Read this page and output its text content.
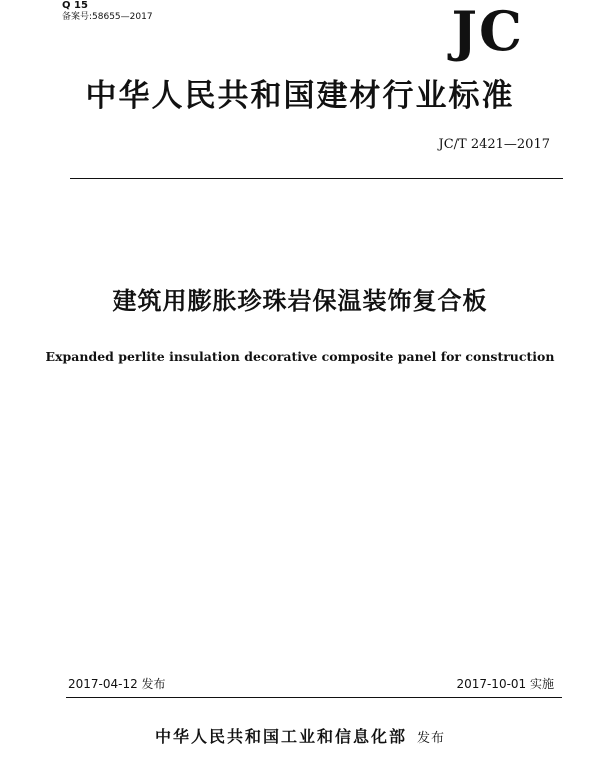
Q 15
备案号:58655—2017	JC
中华人民共和国建材行业标准
JC/T 2421—2017
建筑用膨胀珍珠岩保温装饰复合板
Expanded perlite insulation decorative composite panel for construction
2017-04-12 发布	2017-10-01 实施
中华人民共和国工业和信息化部 发布
